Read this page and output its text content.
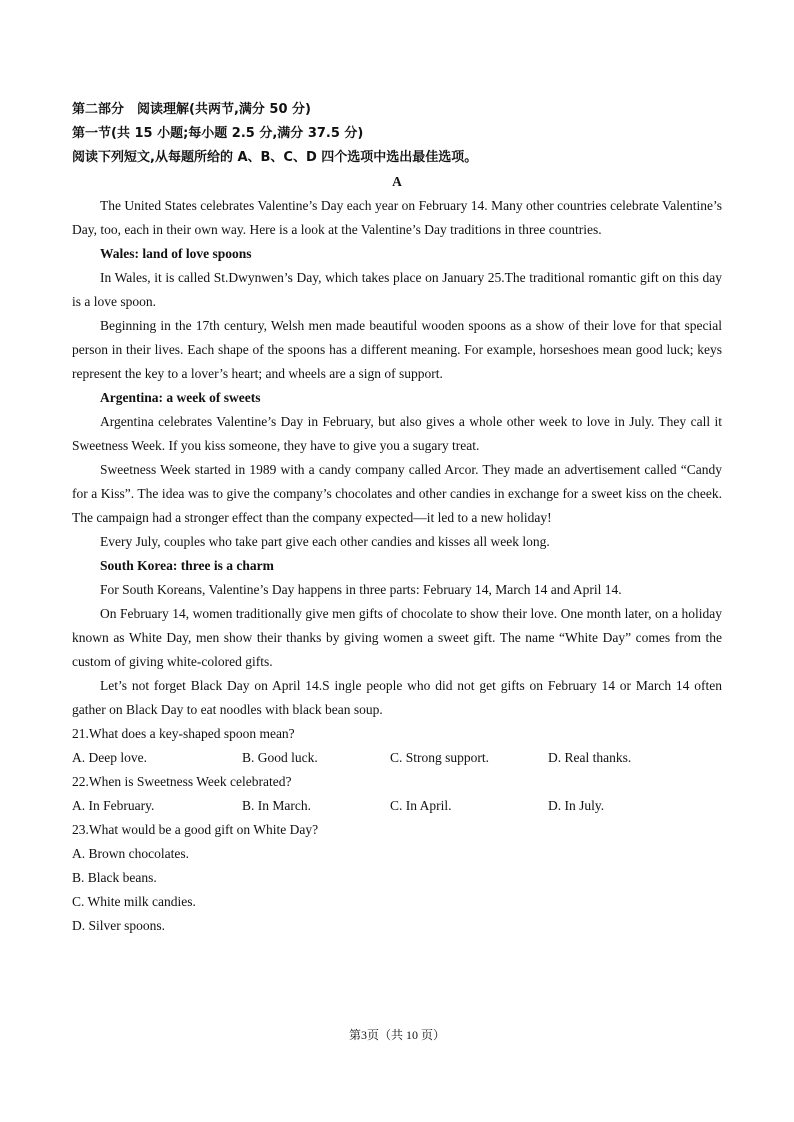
第二部分　阅读理解(共两节,满分 50 分)
第一节(共 15 小题;每小题 2.5 分,满分 37.5 分)
阅读下列短文,从每题所给的 A、B、C、D 四个选项中选出最佳选项。
A

The United States celebrates Valentine’s Day each year on February 14. Many other countries celebrate Valentine’s Day, too, each in their own way. Here is a look at the Valentine’s Day traditions in three countries.

Wales: land of love spoons

In Wales, it is called St.Dwynwen’s Day, which takes place on January 25.The traditional romantic gift on this day is a love spoon.

Beginning in the 17th century, Welsh men made beautiful wooden spoons as a show of their love for that special person in their lives. Each shape of the spoons has a different meaning. For example, horseshoes mean good luck; keys represent the key to a lover’s heart; and wheels are a sign of support.

Argentina: a week of sweets

Argentina celebrates Valentine’s Day in February, but also gives a whole other week to love in July. They call it Sweetness Week. If you kiss someone, they have to give you a sugary treat.

Sweetness Week started in 1989 with a candy company called Arcor. They made an advertisement called “Candy for a Kiss”. The idea was to give the company’s chocolates and other candies in exchange for a sweet kiss on the cheek. The campaign had a stronger effect than the company expected—it led to a new holiday!

Every July, couples who take part give each other candies and kisses all week long.

South Korea: three is a charm

For South Koreans, Valentine’s Day happens in three parts: February 14, March 14 and April 14.

On February 14, women traditionally give men gifts of chocolate to show their love. One month later, on a holiday known as White Day, men show their thanks by giving women a sweet gift. The name “White Day” comes from the custom of giving white-colored gifts.

Let’s not forget Black Day on April 14.S ingle people who did not get gifts on February 14 or March 14 often gather on Black Day to eat noodles with black bean soup.

21.What does a key-shaped spoon mean?

A. Deep love.	B. Good luck.	C. Strong support.	D. Real thanks.

22.When is Sweetness Week celebrated?

A. In February.	B. In March.	C. In April.	D. In July.

23.What would be a good gift on White Day?

A. Brown chocolates.

B. Black beans.

C. White milk candies.

D. Silver spoons.

第3页（共 10 页）
